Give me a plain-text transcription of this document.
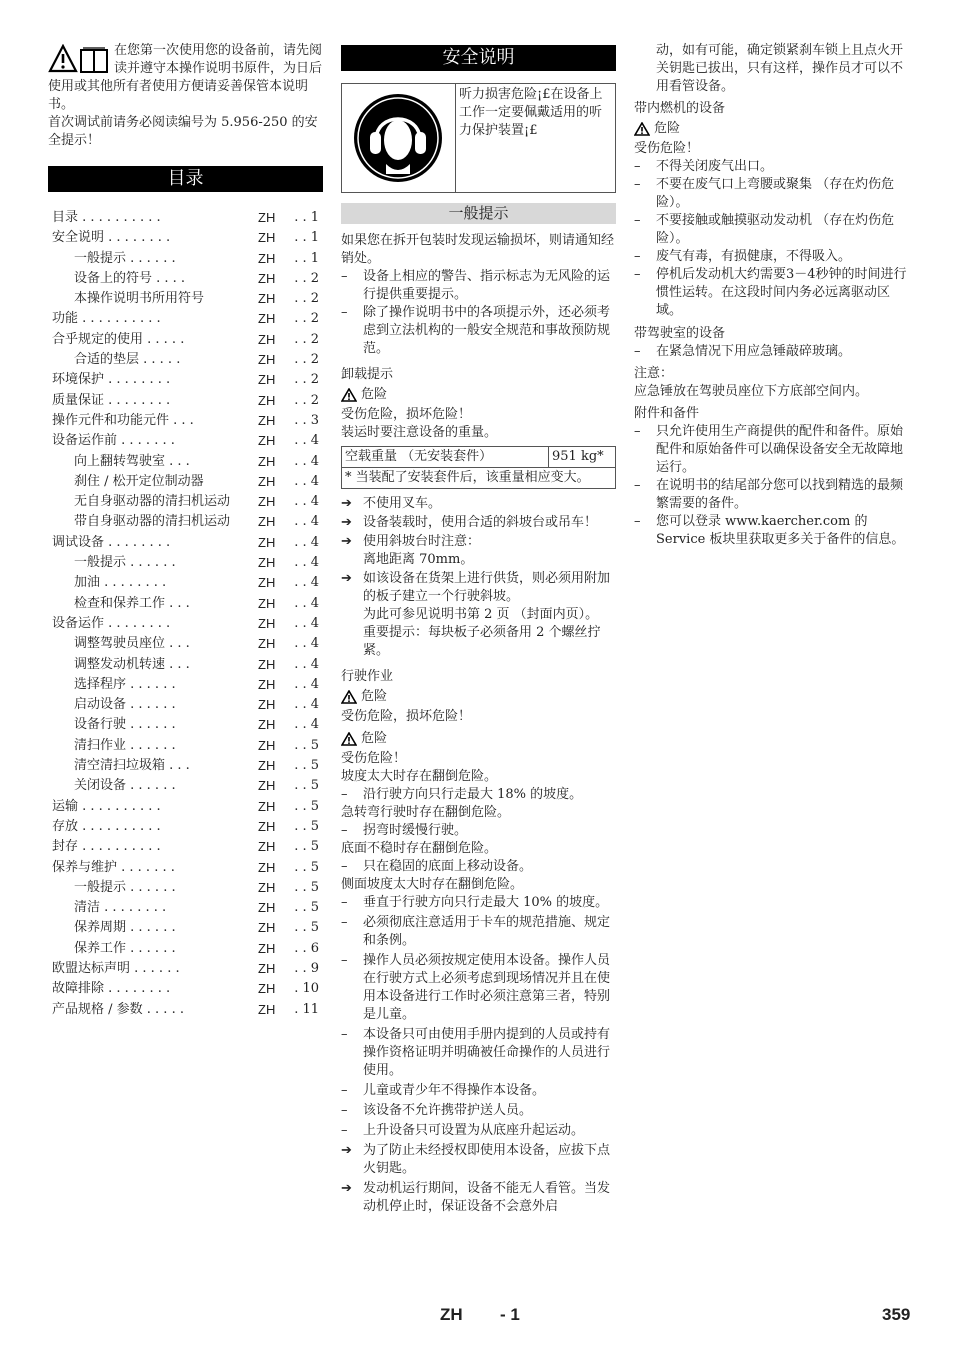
在您第一次使用您的设备前，请先阅读并遵守本操作说明书原件，为日后使用或其他所有者使用方便请妥善保管本说明书。

首次调试前请务必阅读编号为 5.956-250 的安全提示！

目录
目录 . . . . . . . . . .	ZH . . 1
安全说明 . . . . . . . .	ZH . . 1
一般提示 . . . . . .	ZH . . 1
设备上的符号 . . . .	ZH . . 2
本操作说明书所用符号	ZH . . 2
功能 . . . . . . . . . .	ZH . . 2
合乎规定的使用 . . . . .	ZH . . 2
合适的垫层 . . . . .	ZH . . 2
环境保护 . . . . . . . .	ZH . . 2
质量保证 . . . . . . . .	ZH . . 2
操作元件和功能元件 . . .	ZH . . 3
设备运作前 . . . . . . .	ZH . . 4
向上翻转驾驶室 . . .	ZH . . 4
刹住 / 松开定位制动器	ZH . . 4
无自身驱动器的清扫机运动 ZH . . 4
带自身驱动器的清扫机运动 ZH . . 4
调试设备 . . . . . . . .	ZH . . 4
一般提示 . . . . . .	ZH . . 4
加油 . . . . . . . .	ZH . . 4
检查和保养工作 . . .	ZH . . 4
设备运作 . . . . . . . .	ZH . . 4
调整驾驶员座位 . . .	ZH . . 4
调整发动机转速 . . .	ZH . . 4
选择程序 . . . . . .	ZH . . 4
启动设备 . . . . . .	ZH . . 4
设备行驶 . . . . . .	ZH . . 4
清扫作业 . . . . . .	ZH . . 5
清空清扫垃圾箱 . . .	ZH . . 5
关闭设备 . . . . . .	ZH . . 5
运输 . . . . . . . . . .	ZH . . 5
存放 . . . . . . . . . .	ZH . . 5
封存 . . . . . . . . . .	ZH . . 5
保养与维护 . . . . . . .	ZH . . 5
一般提示 . . . . . .	ZH . . 5
清洁 . . . . . . . .	ZH . . 5
保养周期 . . . . . .	ZH . . 5
保养工作 . . . . . .	ZH . . 6
欧盟达标声明 . . . . . .	ZH . . 9
故障排除 . . . . . . . .	ZH . 10
产品规格 / 参数 . . . . .	ZH . 11
安全说明
听力损害危险¡£在设备上工作一定要佩戴适用的听力保护装置¡£
一般提示

如果您在拆开包装时发现运输损坏，则请通知经销处。

– 设备上相应的警告、指示标志为无风险的运行提供重要提示。
– 除了操作说明书中的各项提示外，还必须考虑到立法机构的一般安全规范和事故预防规范。

卸载提示

危险

受伤危险，损坏危险！

装运时要注意设备的重量。

空载重量 （无安装套件）	951 kg*
* 当装配了安装套件后，该重量相应变大。
➔ 不使用叉车。
➔ 设备装载时，使用合适的斜坡台或吊车！
➔ 使用斜坡台时注意：

离地距离 70mm。

➔ 如该设备在货架上进行供货，则必须用附加的板子建立一个行驶斜坡。

为此可参见说明书第 2 页 （封面内页）。

重要提示：每块板子必须备用 2 个螺丝拧紧。

行驶作业

危险

受伤危险，损坏危险！

危险

受伤危险！

坡度太大时存在翻倒危险。

– 沿行驶方向只行走最大 18% 的坡度。

急转弯行驶时存在翻倒危险。

– 拐弯时缓慢行驶。

底面不稳时存在翻倒危险。

– 只在稳固的底面上移动设备。

侧面坡度太大时存在翻倒危险。

– 垂直于行驶方向只行走最大 10% 的坡度。
– 必须彻底注意适用于卡车的规范措施、规定和条例。
– 操作人员必须按规定使用本设备。操作人员在行驶方式上必须考虑到现场情况并且在使用本设备进行工作时必须注意第三者，特别是儿童。
– 本设备只可由使用手册内提到的人员或持有操作资格证明并明确被任命操作的人员进行使用。
– 儿童或青少年不得操作本设备。
– 该设备不允许携带护送人员。
– 上升设备只可设置为从底座升起运动。
➔ 为了防止未经授权即使用本设备，应拔下点火钥匙。
➔ 发动机运行期间，设备不能无人看管。当发动机停止时，保证设备不会意外启

动，如有可能，确定锁紧刹车锁上且点火开关钥匙已拔出，只有这样，操作员才可以不用看管设备。

带内燃机的设备

危险

受伤危险！

– 不得关闭废气出口。
– 不要在废气口上弯腰或聚集 （存在灼伤危险）。
– 不要接触或触摸驱动发动机 （存在灼伤危险）。
– 废气有毒，有损健康，不得吸入。
– 停机后发动机大约需要3－4秒钟的时间进行惯性运转。在这段时间内务必远离驱动区域。

带驾驶室的设备

– 在紧急情况下用应急锤敲碎玻璃。

注意：

应急锤放在驾驶员座位下方底部空间内。

附件和备件

– 只允许使用生产商提供的配件和备件。原始配件和原始备件可以确保设备安全无故障地运行。
– 在说明书的结尾部分您可以找到精选的最频繁需要的备件。
– 您可以登录 www.kaercher.com 的 Service 板块里获取更多关于备件的信息。
ZH - 1	359
